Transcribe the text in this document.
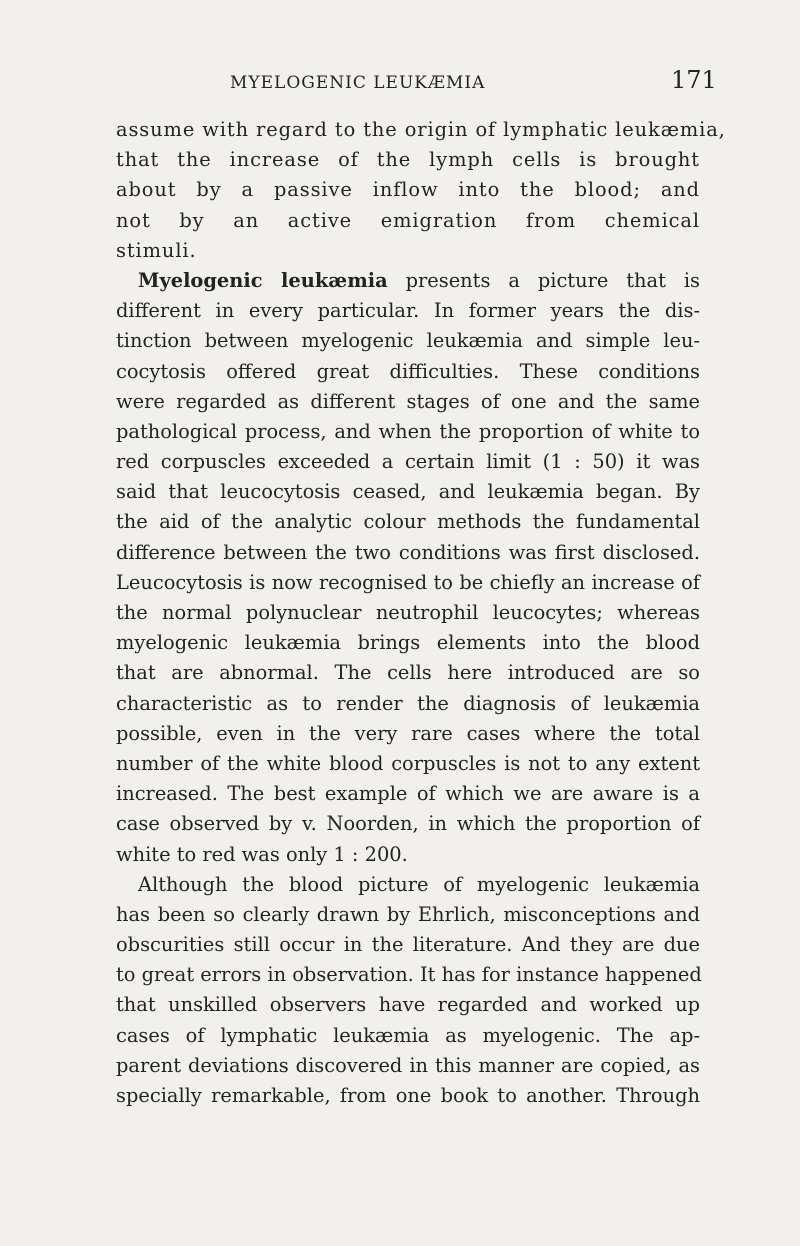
MYELOGENIC LEUKÆMIA	171
assume with regard to the origin of lymphatic leukæmia,
that the increase of the lymph cells is brought
about by a passive inflow into the blood; and
not by an active emigration from chemical
stimuli.
Myelogenic leukæmia presents a picture that is
different in every particular. In former years the dis-
tinction between myelogenic leukæmia and simple leu-
cocytosis offered great difficulties. These conditions
were regarded as different stages of one and the same
pathological process, and when the proportion of white to
red corpuscles exceeded a certain limit (1 : 50) it was
said that leucocytosis ceased, and leukæmia began. By
the aid of the analytic colour methods the fundamental
difference between the two conditions was first disclosed.
Leucocytosis is now recognised to be chiefly an increase of
the normal polynuclear neutrophil leucocytes; whereas
myelogenic leukæmia brings elements into the blood
that are abnormal. The cells here introduced are so
characteristic as to render the diagnosis of leukæmia
possible, even in the very rare cases where the total
number of the white blood corpuscles is not to any extent
increased. The best example of which we are aware is a
case observed by v. Noorden, in which the proportion of
white to red was only 1 : 200.
Although the blood picture of myelogenic leukæmia
has been so clearly drawn by Ehrlich, misconceptions and
obscurities still occur in the literature. And they are due
to great errors in observation. It has for instance happened
that unskilled observers have regarded and worked up
cases of lymphatic leukæmia as myelogenic. The ap-
parent deviations discovered in this manner are copied, as
specially remarkable, from one book to another. Through
